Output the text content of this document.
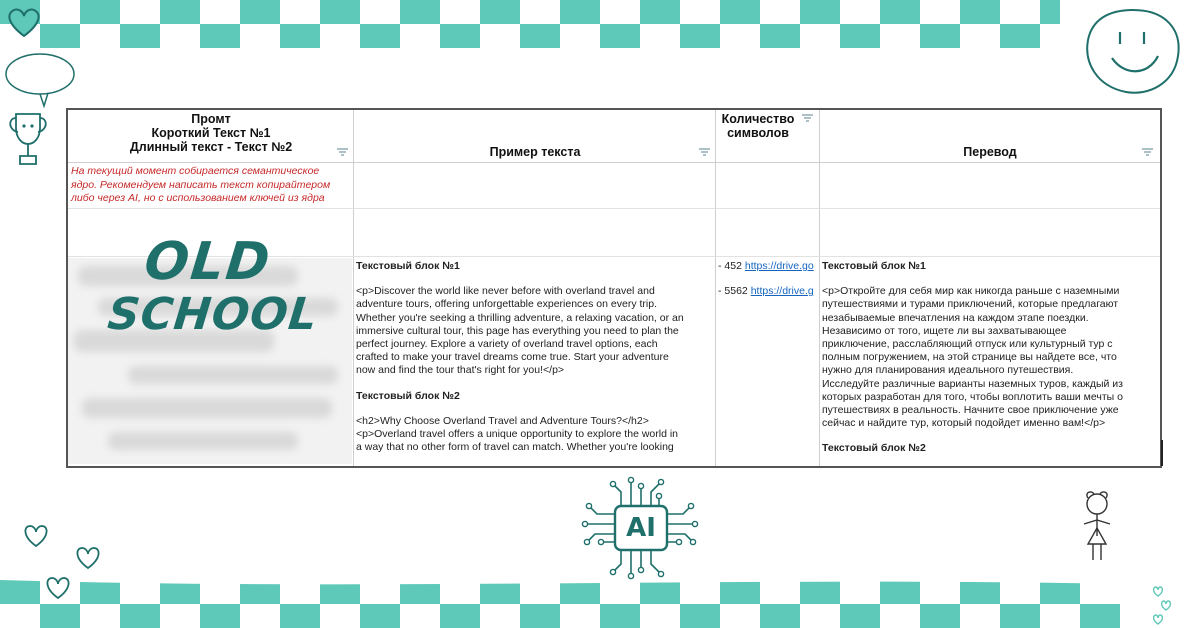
AI
Промт
Короткий Текст №1
Длинный текст - Текст №2	Пример текста
Количество
символов
Перевод
На текущий момент собирается семантическое
ядро. Рекомендуем написать текст копирайтером
либо через AI, но с использованием ключей из ядра
OLD
SCHOOL
Текстовый блок №1
<p>Discover the world like never before with overland travel and
adventure tours, offering unforgettable experiences on every trip.
Whether you're seeking a thrilling adventure, a relaxing vacation, or an
immersive cultural tour, this page has everything you need to plan the
perfect journey. Explore a variety of overland travel options, each
crafted to make your travel dreams come true. Start your adventure
now and find the tour that's right for you!</p>
Текстовый блок №2
<h2>Why Choose Overland Travel and Adventure Tours?</h2>
<p>Overland travel offers a unique opportunity to explore the world in
a way that no other form of travel can match. Whether you're looking
- 452 https://drive.go
- 5562 https://drive.g
Текстовый блок №1
<p>Откройте для себя мир как никогда раньше с наземными
путешествиями и турами приключений, которые предлагают
незабываемые впечатления на каждом этапе поездки.
Независимо от того, ищете ли вы захватывающее
приключение, расслабляющий отпуск или культурный тур с
полным погружением, на этой странице вы найдете все, что
нужно для планирования идеального путешествия.
Исследуйте различные варианты наземных туров, каждый из
которых разработан для того, чтобы воплотить ваши мечты о
путешествиях в реальность. Начните свое приключение уже
сейчас и найдите тур, который подойдет именно вам!</p>
Текстовый блок №2
